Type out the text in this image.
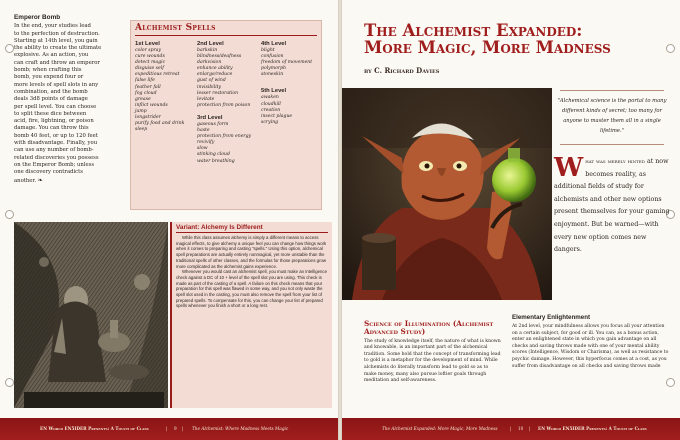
Emperor Bomb
In the end, your studies lead
to the perfection of destruction.
Starting at 14th level, you gain
the ability to create the ultimate
explosive. As an action, you
can craft and throw an emperor
bomb; when crafting this
bomb, you expend four or
more levels of spell slots in any
combination, and the bomb
deals 3d8 points of damage
per spell level. You can choose
to split these dice between
acid, fire, lightning, or poison
damage. You can throw this
bomb 40 feet, or up to 120 feet
with disadvantage. Finally, you
can use any number of bomb-
related discoveries you possess
on the Emperor Bomb; unless
one discovery contradicts
another. ❧
Alchemist Spells
1st Level
color spray
cure wounds
detect magic
disguise self
expeditious retreat
false life
feather fall
fog cloud
grease
inflict wounds
jump
longstrider
purify food and drink
sleep
2nd Level
barkskin
blindness/deafness
darkvision
enhance ability
enlarge/reduce
gust of wind
invisibility
lesser restoration
levitate
protection from poison
3rd Level
gaseous form
haste
protection from energy
revivify
slow
stinking cloud
water breathing
4th Level
blight
confusion
freedom of movement
polymorph
stoneskin
5th Level
awaken
cloudkill
creation
insect plague
scrying
Variant: Alchemy Is Different

While this class assumes alchemy is simply a different means to access magical effects, to give alchemy a unique feel you can change how things work when it comes to preparing and casting "spells." Using this option, alchemical spell preparations are actually entirely nonmagical, yet more unstable than the traditional spells of other classes, and the formulas for those preparations grow more complicated as the alchemist gains experience.

Whenever you would cast an alchemist spell, you must make an Intelligence check against a DC of 10 + level of the spell slot you are using. This check is made as part of the casting of a spell. A failure on this check means that your preparation for this spell was flawed in some way, and you not only waste the spell slot used in the casting, you must also remove the spell from your list of prepared spells. To compensate for this, you can change your list of prepared spells whenever you finish a short or a long rest.

EN World EN5IDER Presents: A Touch of Class	| 9 | The Alchemist: Where Madness Meets Magic
The Alchemist Expanded:
More Magic, More Madness
by C. Richard Davies
"Alchemical science is the portal to many different kinds of secret; too many for anyone to master them all in a single lifetime."
What was merely hinted at now becomes reality, as additional fields of study for alchemists and other new options present themselves for your gaming enjoyment. But be warned—with every new option comes new dangers.
Science of Illumination (Alchemist Advanced Study)
The study of knowledge itself, the nature of what is known and knowable, is an important part of the alchemical tradition. Some hold that the concept of transforming lead to gold is a metaphor for the development of mind. While alchemists do literally transform lead to gold so as to make money, many also pursue loftier goals through meditation and self-awareness.
Elementary Enlightenment
At 2nd level, your mindfulness allows you focus all your attention on a certain subject, for good or ill. You can, as a bonus action, enter an enlightened state in which you gain advantage on all checks and saving throws made with one of your mental ability scores (Intelligence, Wisdom or Charisma), as well as resistance to psychic damage. However, this hyperfocus comes at a cost, as you suffer from disadvantage on all checks and saving throws made
The Alchemist Expanded: More Magic, More Madness	| 10 | EN World EN5IDER Presents: A Touch of Class
